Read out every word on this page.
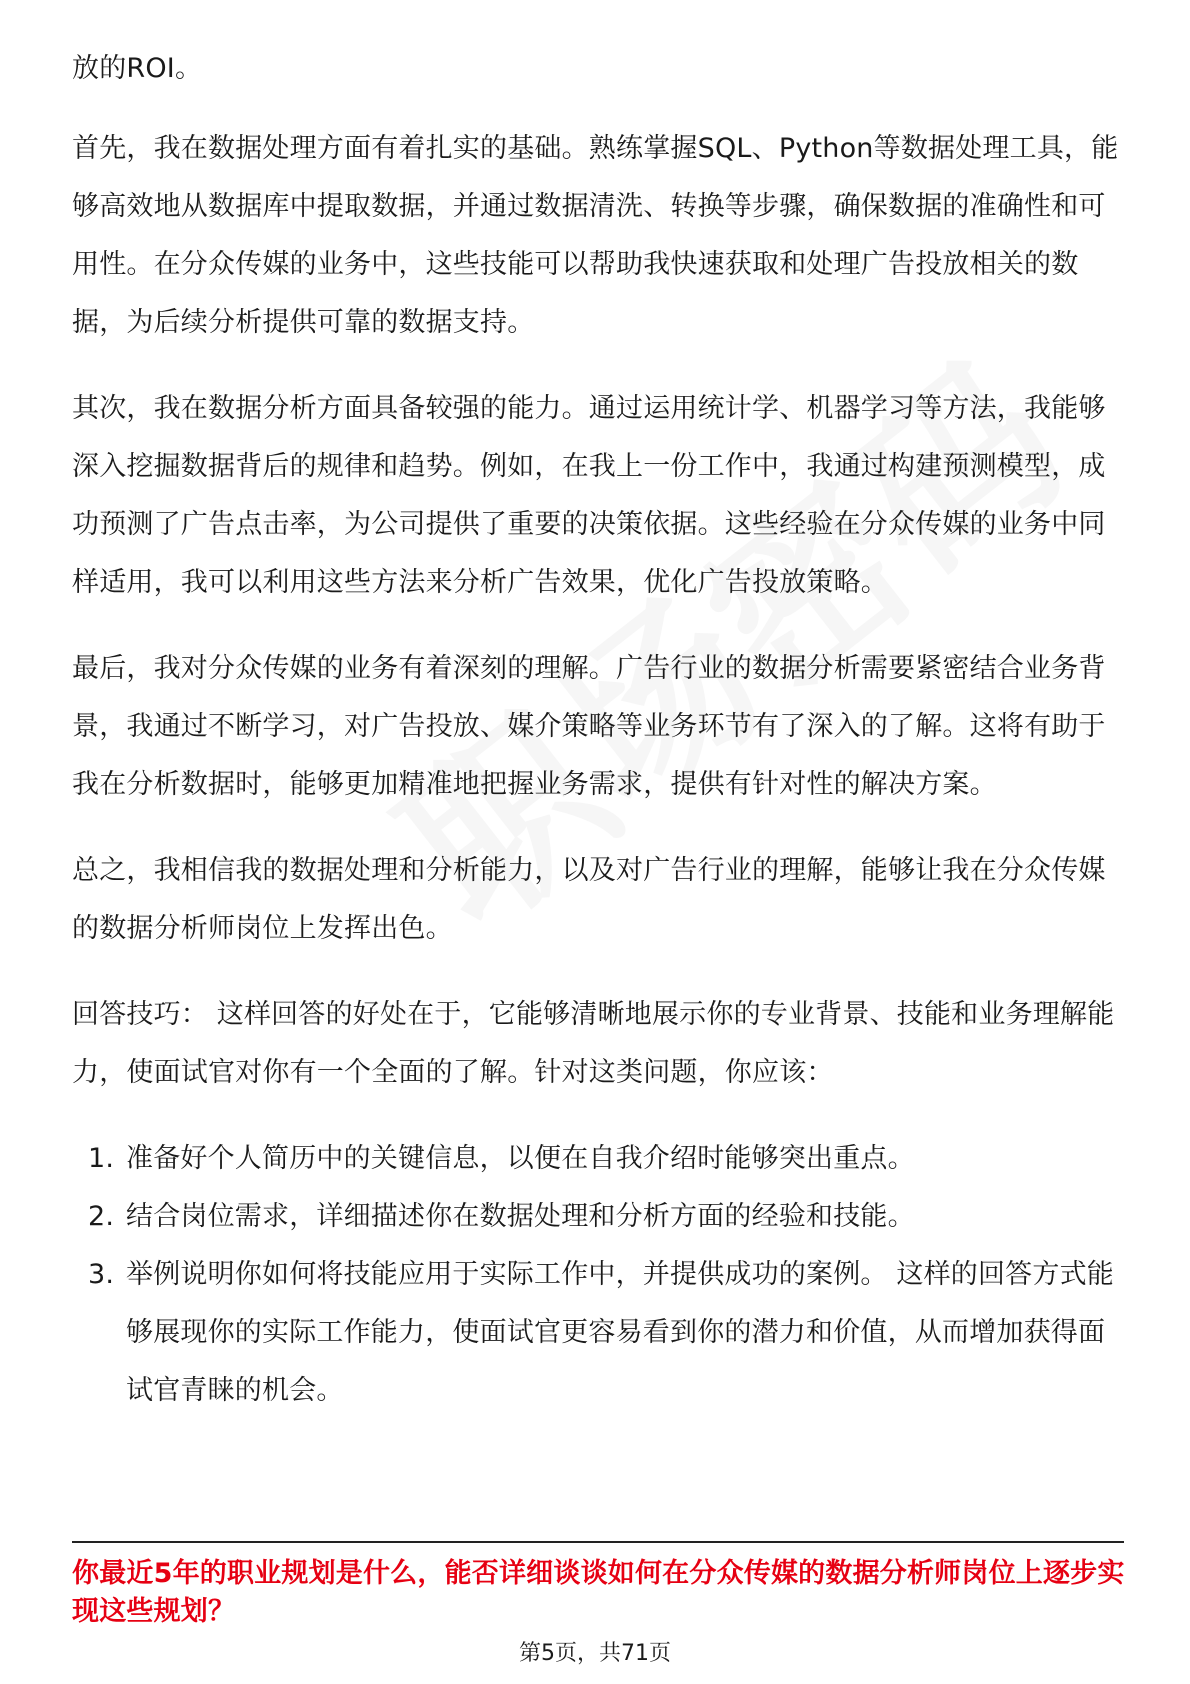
放的ROI。

首先，我在数据处理方面有着扎实的基础。熟练掌握SQL、Python等数据处理工具，能够高效地从数据库中提取数据，并通过数据清洗、转换等步骤，确保数据的准确性和可用性。在分众传媒的业务中，这些技能可以帮助我快速获取和处理广告投放相关的数据，为后续分析提供可靠的数据支持。

其次，我在数据分析方面具备较强的能力。通过运用统计学、机器学习等方法，我能够深入挖掘数据背后的规律和趋势。例如，在我上一份工作中，我通过构建预测模型，成功预测了广告点击率，为公司提供了重要的决策依据。这些经验在分众传媒的业务中同样适用，我可以利用这些方法来分析广告效果，优化广告投放策略。

最后，我对分众传媒的业务有着深刻的理解。广告行业的数据分析需要紧密结合业务背景，我通过不断学习，对广告投放、媒介策略等业务环节有了深入的了解。这将有助于我在分析数据时，能够更加精准地把握业务需求，提供有针对性的解决方案。

总之，我相信我的数据处理和分析能力，以及对广告行业的理解，能够让我在分众传媒的数据分析师岗位上发挥出色。

回答技巧： 这样回答的好处在于，它能够清晰地展示你的专业背景、技能和业务理解能力，使面试官对你有一个全面的了解。针对这类问题，你应该：

1. 准备好个人简历中的关键信息，以便在自我介绍时能够突出重点。
2. 结合岗位需求，详细描述你在数据处理和分析方面的经验和技能。
3. 举例说明你如何将技能应用于实际工作中，并提供成功的案例。 这样的回答方式能够展现你的实际工作能力，使面试官更容易看到你的潜力和价值，从而增加获得面试官青睐的机会。
你最近5年的职业规划是什么，能否详细谈谈如何在分众传媒的数据分析师岗位上逐步实现这些规划？
第5页，共71页
